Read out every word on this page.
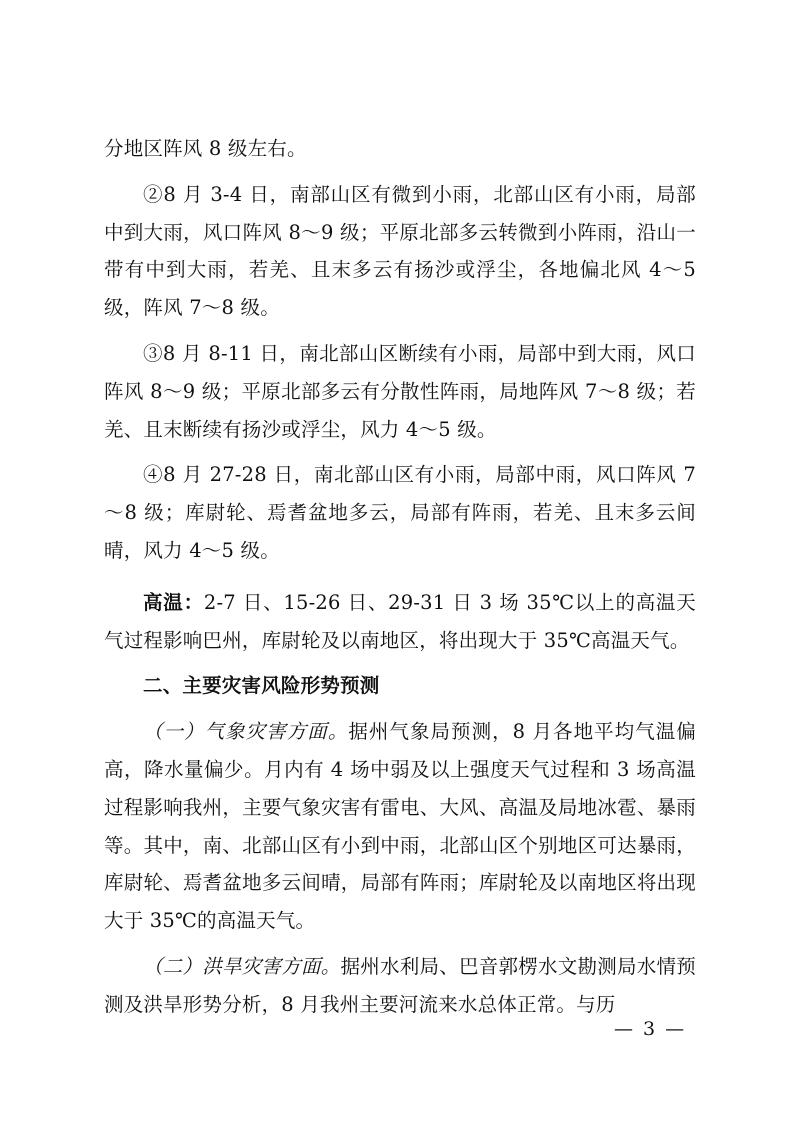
分地区阵风 8 级左右。

②8 月 3-4 日，南部山区有微到小雨，北部山区有小雨，局部中到大雨，风口阵风 8～9 级；平原北部多云转微到小阵雨，沿山一带有中到大雨，若羌、且末多云有扬沙或浮尘，各地偏北风 4～5 级，阵风 7～8 级。

③8 月 8-11 日，南北部山区断续有小雨，局部中到大雨，风口阵风 8～9 级；平原北部多云有分散性阵雨，局地阵风 7～8 级；若羌、且末断续有扬沙或浮尘，风力 4～5 级。

④8 月 27-28 日，南北部山区有小雨，局部中雨，风口阵风 7～8 级；库尉轮、焉耆盆地多云，局部有阵雨，若羌、且末多云间晴，风力 4～5 级。

高温：2-7 日、15-26 日、29-31 日 3 场 35℃以上的高温天气过程影响巴州，库尉轮及以南地区，将出现大于 35℃高温天气。

二、主要灾害风险形势预测

（一）气象灾害方面。据州气象局预测，8 月各地平均气温偏高，降水量偏少。月内有 4 场中弱及以上强度天气过程和 3 场高温过程影响我州，主要气象灾害有雷电、大风、高温及局地冰雹、暴雨等。其中，南、北部山区有小到中雨，北部山区个别地区可达暴雨，库尉轮、焉耆盆地多云间晴，局部有阵雨；库尉轮及以南地区将出现大于 35℃的高温天气。

（二）洪旱灾害方面。据州水利局、巴音郭楞水文勘测局水情预测及洪旱形势分析，8 月我州主要河流来水总体正常。与历

— 3 —
